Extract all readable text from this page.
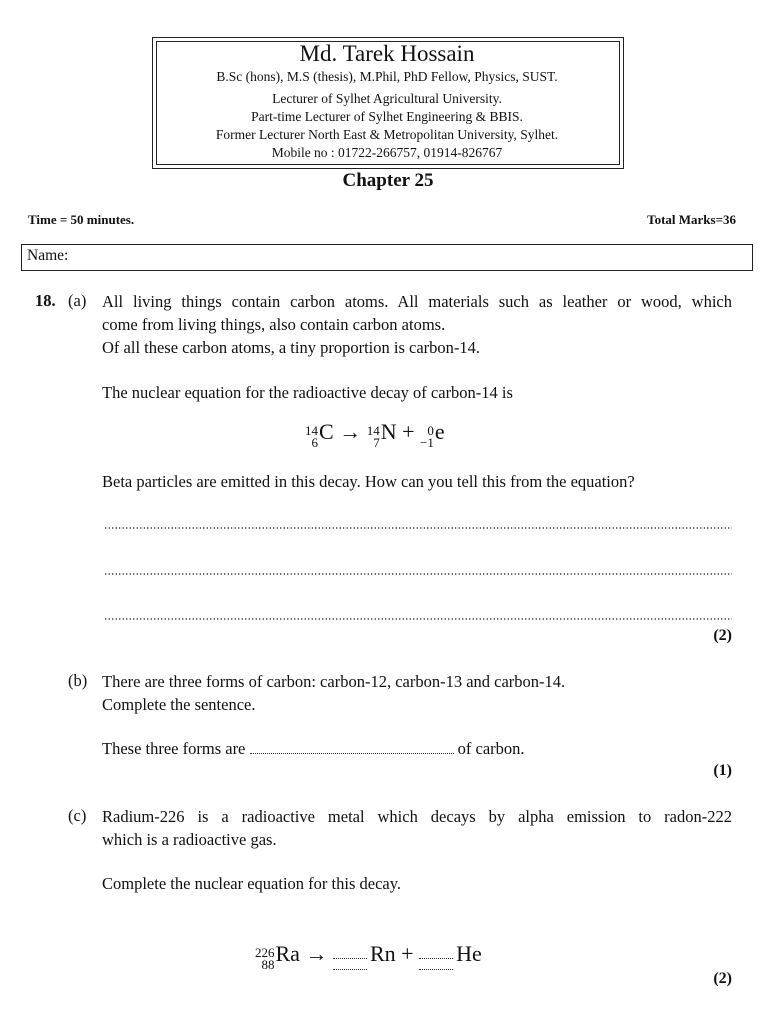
Md. Tarek Hossain
B.Sc (hons), M.S (thesis), M.Phil, PhD Fellow, Physics, SUST.
Lecturer of Sylhet Agricultural University.
Part-time Lecturer of Sylhet Engineering & BBIS.
Former Lecturer North East & Metropolitan University, Sylhet.
Mobile no : 01722-266757, 01914-826767
Chapter 25
Time = 50 minutes.	Total Marks=36
Name:
18. (a) All living things contain carbon atoms. All materials such as leather or wood, which
come from living things, also contain carbon atoms.
Of all these carbon atoms, a tiny proportion is carbon-14.
The nuclear equation for the radioactive decay of carbon-14 is
14
6 C → 14
7 N + 0
−1 e
Beta particles are emitted in this decay. How can you tell this from the equation?
(2)
(b) There are three forms of carbon: carbon-12, carbon-13 and carbon-14.
Complete the sentence.
These three forms are	of carbon.
(1)
(c) Radium-226 is a radioactive metal which decays by alpha emission to radon-222
which is a radioactive gas.
Complete the nuclear equation for this decay.
226
88 Ra → Rn + He
(2)
